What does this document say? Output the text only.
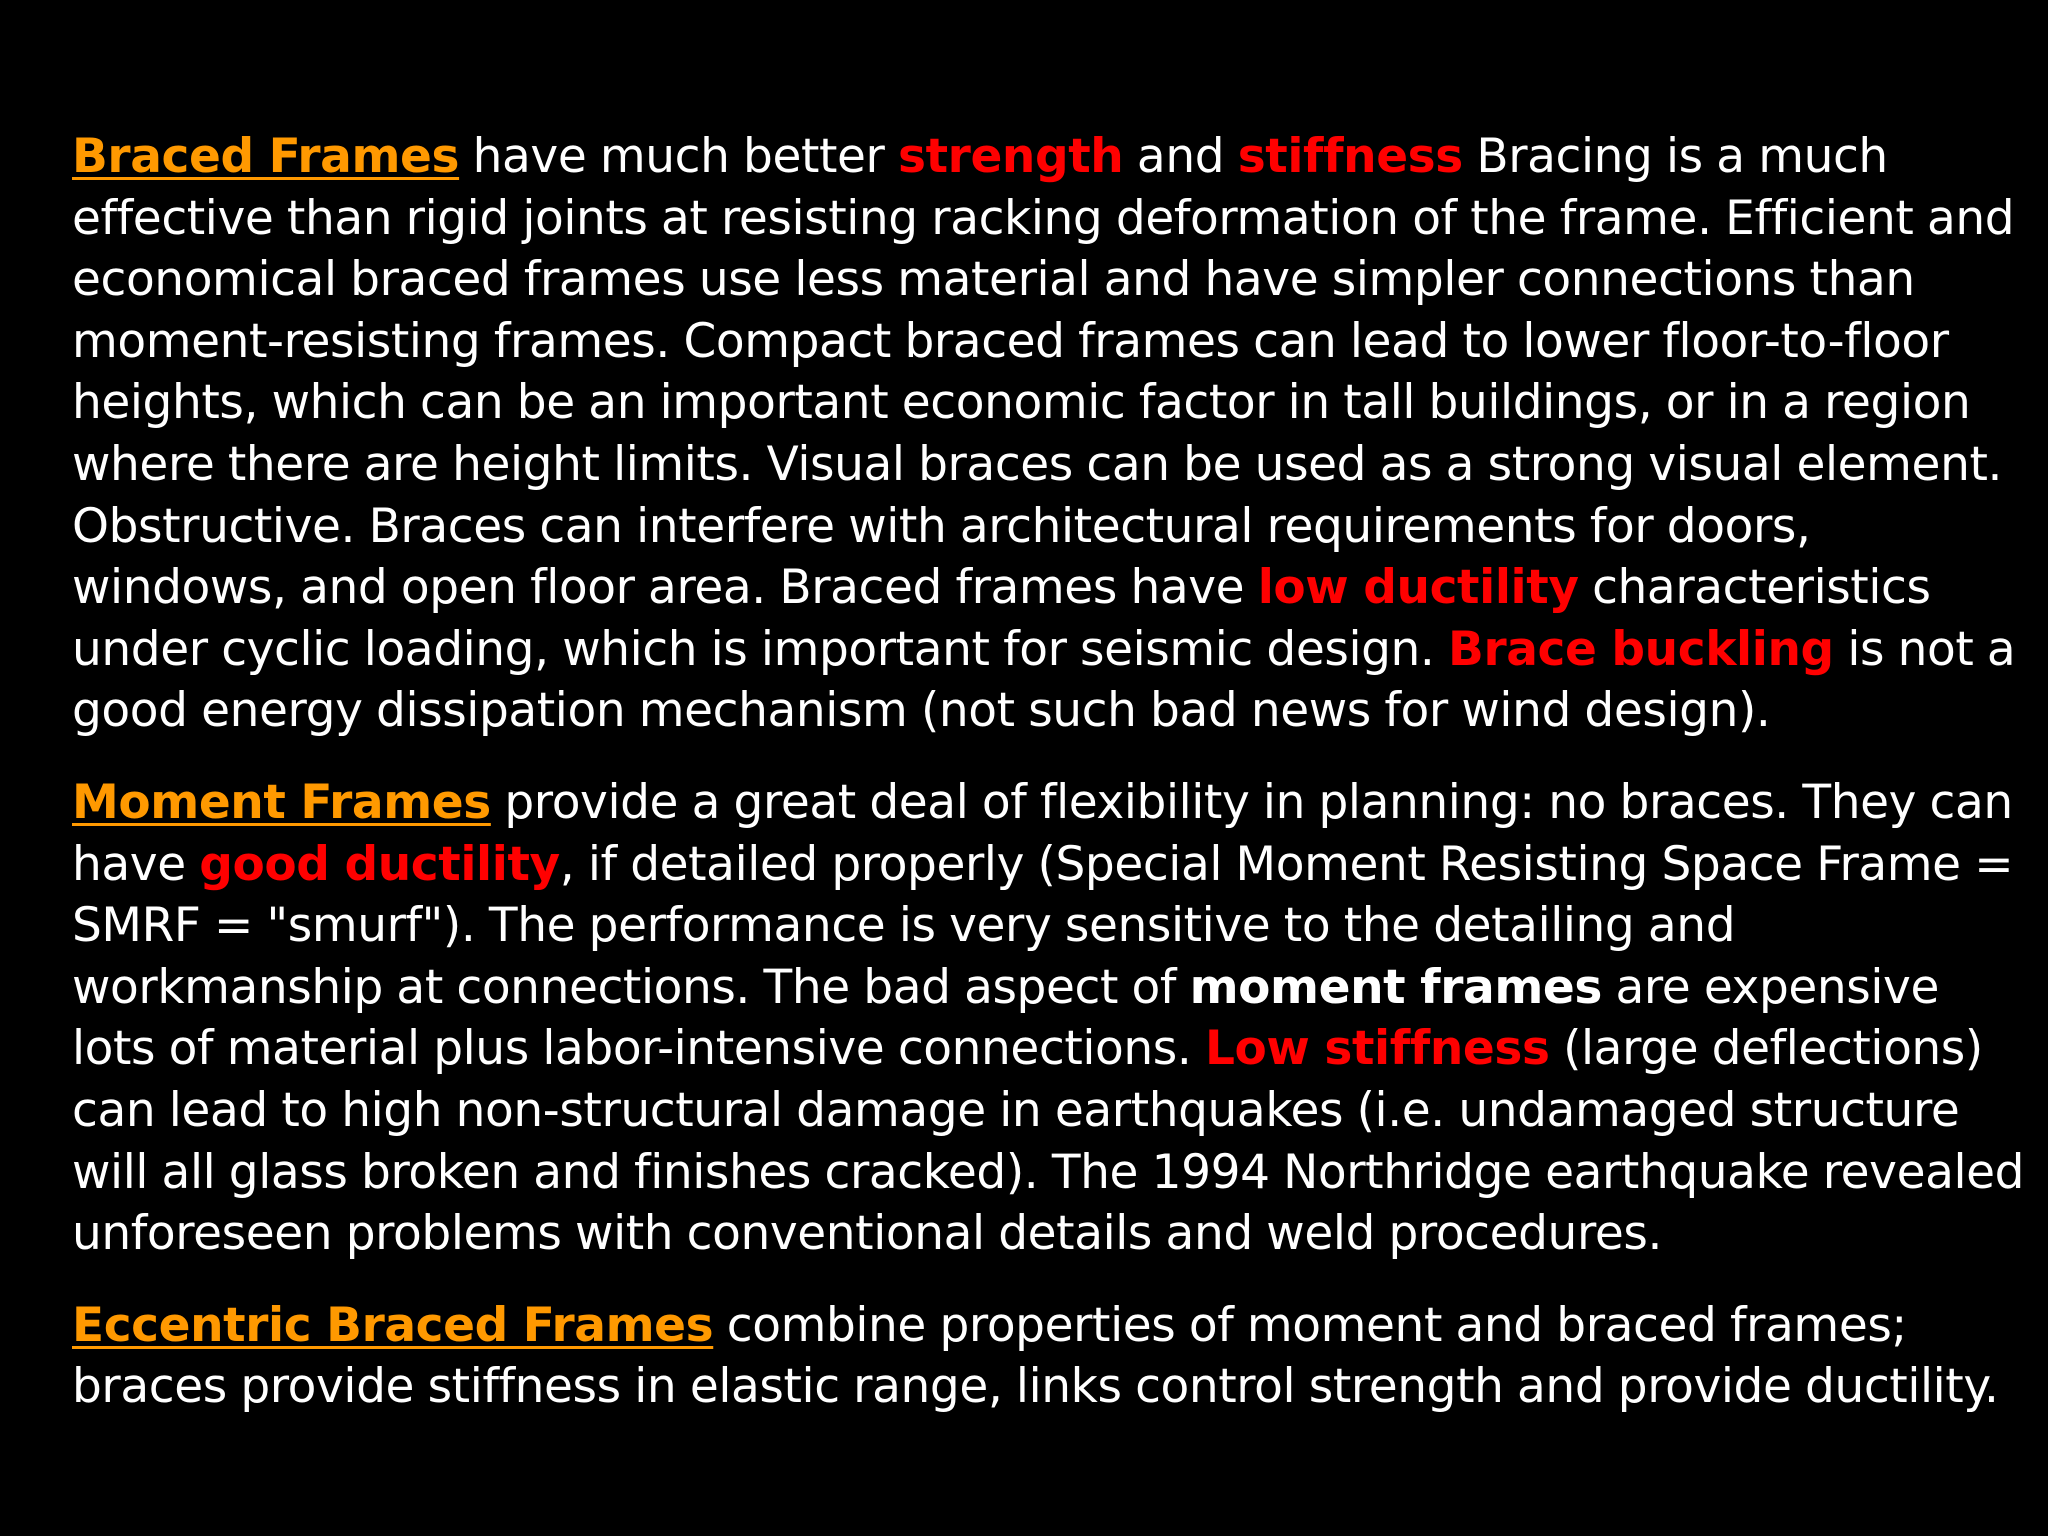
Braced Frames have much better strength and stiffness Bracing is a much effective than rigid joints at resisting racking deformation of the frame. Efficient and economical braced frames use less material and have simpler connections than moment-resisting frames. Compact braced frames can lead to lower floor-to-floor heights, which can be an important economic factor in tall buildings, or in a region where there are height limits. Visual braces can be used as a strong visual element. Obstructive. Braces can interfere with architectural requirements for doors, windows, and open floor area. Braced frames have low ductility characteristics under cyclic loading, which is important for seismic design. Brace buckling is not a good energy dissipation mechanism (not such bad news for wind design).

Moment Frames provide a great deal of flexibility in planning: no braces. They can have good ductility, if detailed properly (Special Moment Resisting Space Frame = SMRF = "smurf"). The performance is very sensitive to the detailing and workmanship at connections. The bad aspect of moment frames are expensive lots of material plus labor-intensive connections. Low stiffness (large deflections) can lead to high non-structural damage in earthquakes (i.e. undamaged structure will all glass broken and finishes cracked). The 1994 Northridge earthquake revealed unforeseen problems with conventional details and weld procedures.

Eccentric Braced Frames combine properties of moment and braced frames; braces provide stiffness in elastic range, links control strength and provide ductility.
